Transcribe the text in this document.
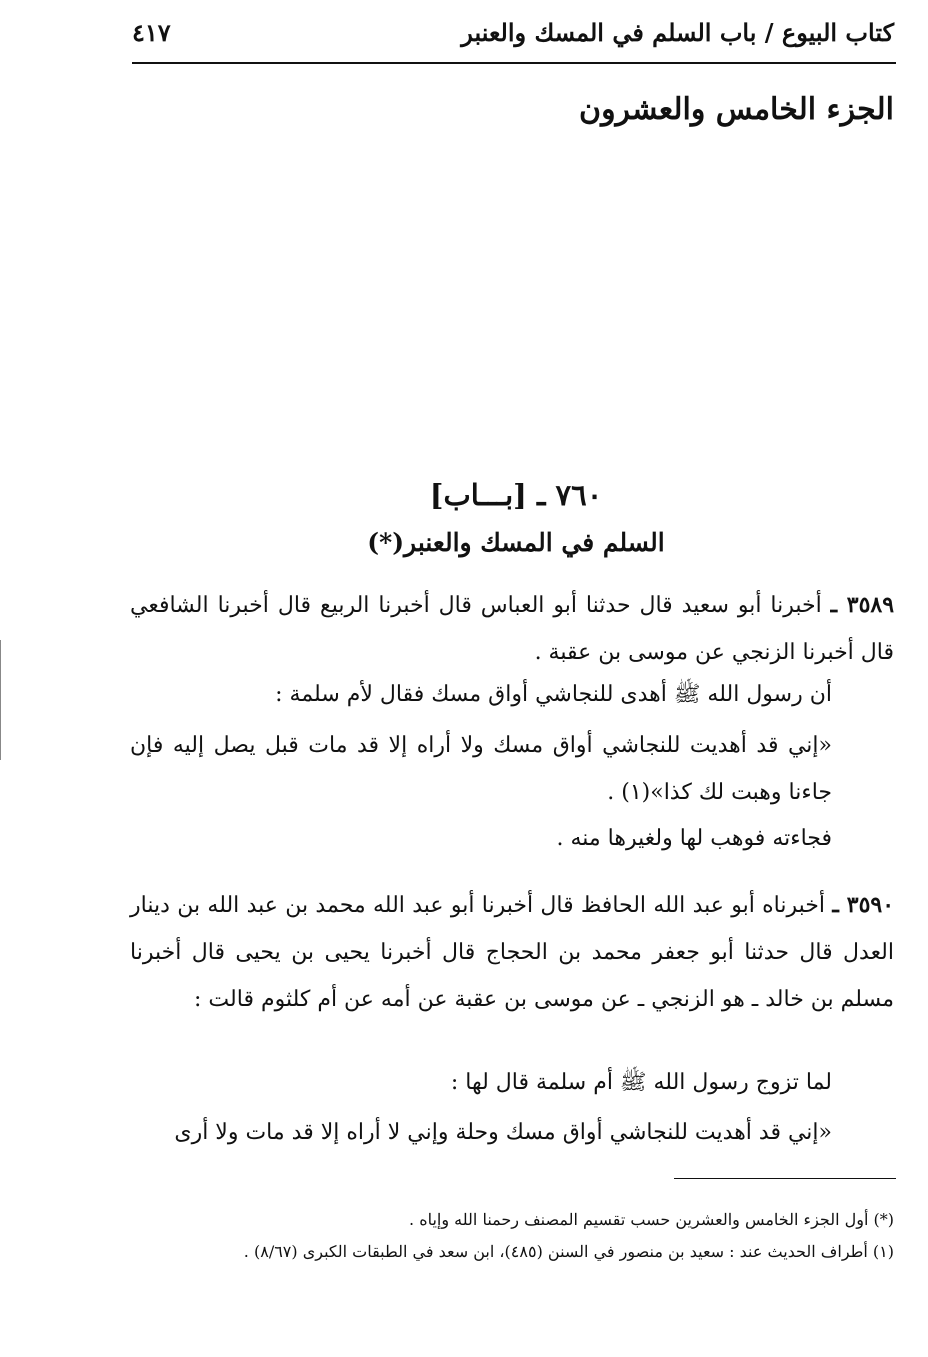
كتاب البيوع / باب السلم في المسك والعنبر
٤١٧
الجزء الخامس والعشرون
٧٦٠ ـ [بـــاب]
السلم في المسك والعنبر(*)
٣٥٨٩ ـ أخبرنا أبو سعيد قال حدثنا أبو العباس قال أخبرنا الربيع قال أخبرنا الشافعي قال أخبرنا الزنجي عن موسى بن عقبة .
أن رسول الله ﷺ أهدى للنجاشي أواق مسك فقال لأم سلمة :
«إني قد أهديت للنجاشي أواق مسك ولا أراه إلا قد مات قبل يصل إليه فإن جاءنا وهبت لك كذا»(١) .
فجاءته فوهب لها ولغيرها منه .
٣٥٩٠ ـ أخبرناه أبو عبد الله الحافظ قال أخبرنا أبو عبد الله محمد بن عبد الله بن دينار العدل قال حدثنا أبو جعفر محمد بن الحجاج قال أخبرنا يحيى بن يحيى قال أخبرنا مسلم بن خالد ـ هو الزنجي ـ عن موسى بن عقبة عن أمه عن أم كلثوم قالت :
لما تزوج رسول الله ﷺ أم سلمة قال لها :
«إني قد أهديت للنجاشي أواق مسك وحلة وإني لا أراه إلا قد مات ولا أرى
(*) أول الجزء الخامس والعشرين حسب تقسيم المصنف رحمنا الله وإياه .
(١) أطراف الحديث عند : سعيد بن منصور في السنن (٤٨٥)، ابن سعد في الطبقات الكبرى (٨/٦٧) .
